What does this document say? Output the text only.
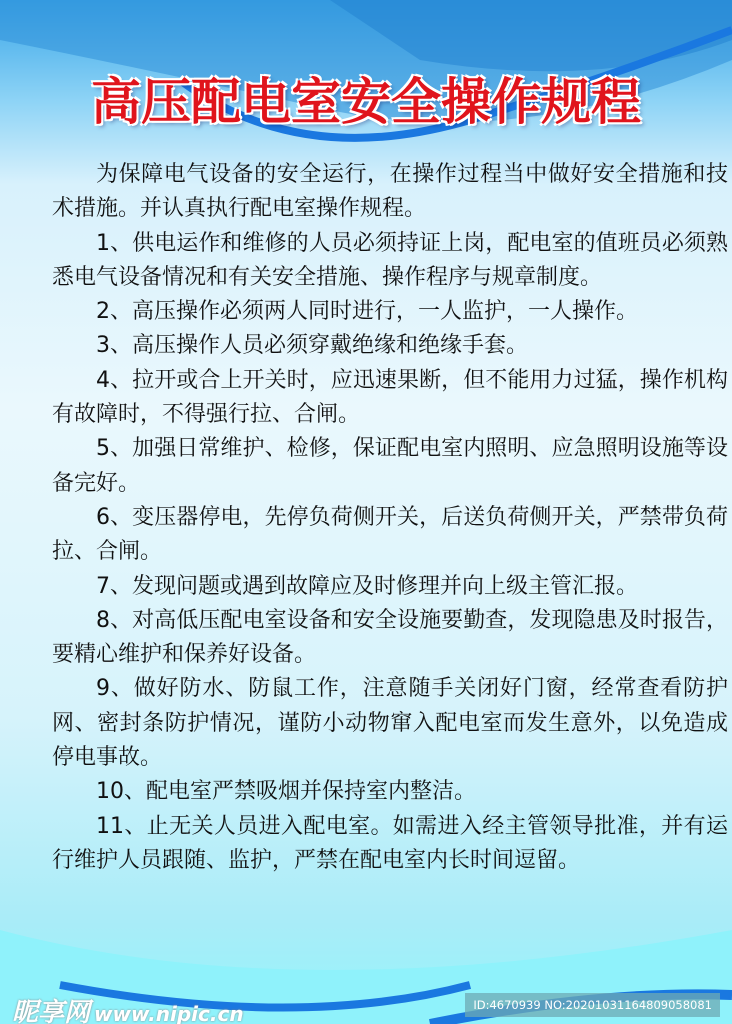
高压配电室安全操作规程

为保障电气设备的安全运行，在操作过程当中做好安全措施和技术措施。并认真执行配电室操作规程。

1、供电运作和维修的人员必须持证上岗，配电室的值班员必须熟悉电气设备情况和有关安全措施、操作程序与规章制度。

2、高压操作必须两人同时进行，一人监护，一人操作。

3、高压操作人员必须穿戴绝缘和绝缘手套。

4、拉开或合上开关时，应迅速果断，但不能用力过猛，操作机构有故障时，不得强行拉、合闸。

5、加强日常维护、检修，保证配电室内照明、应急照明设施等设备完好。

6、变压器停电，先停负荷侧开关，后送负荷侧开关，严禁带负荷拉、合闸。

7、发现问题或遇到故障应及时修理并向上级主管汇报。

8、对高低压配电室设备和安全设施要勤查，发现隐患及时报告，要精心维护和保养好设备。

9、做好防水、防鼠工作，注意随手关闭好门窗，经常查看防护网、密封条防护情况，谨防小动物窜入配电室而发生意外，以免造成停电事故。

10、配电室严禁吸烟并保持室内整洁。

11、止无关人员进入配电室。如需进入经主管领导批准，并有运行维护人员跟随、监护，严禁在配电室内长时间逗留。

昵享网 www.nipic.cn	ID:4670939 NO:20201031164809058081
